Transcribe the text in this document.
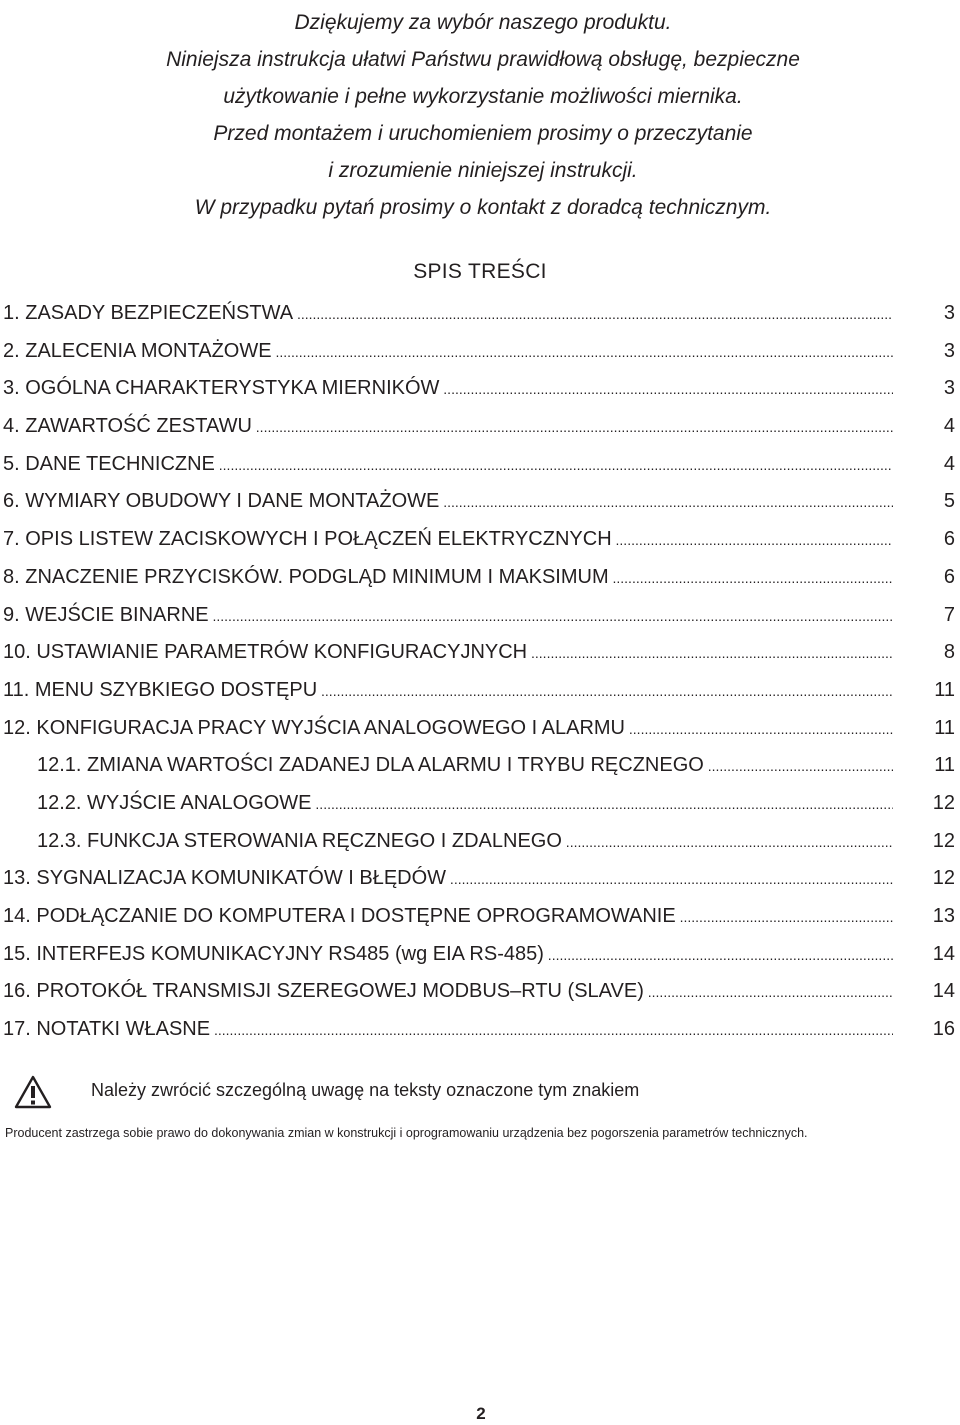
Dziękujemy za wybór naszego produktu.
Niniejsza instrukcja ułatwi Państwu prawidłową obsługę, bezpieczne
użytkowanie i pełne wykorzystanie możliwości miernika.
Przed montażem i uruchomieniem prosimy o przeczytanie
i zrozumienie niniejszej instrukcji.
W przypadku pytań prosimy o kontakt z doradcą technicznym.
SPIS TREŚCI
1. ZASADY BEZPIECZEŃSTWA .....	3
2. ZALECENIA MONTAŻOWE .....	3
3. OGÓLNA CHARAKTERYSTYKA MIERNIKÓW .....	3
4. ZAWARTOŚĆ ZESTAWU .....	4
5. DANE TECHNICZNE .....	4
6. WYMIARY OBUDOWY I DANE MONTAŻOWE .....	5
7. OPIS LISTEW ZACISKOWYCH I POŁĄCZEŃ ELEKTRYCZNYCH .....	6
8. ZNACZENIE PRZYCISKÓW. PODGLĄD MINIMUM I MAKSIMUM .....	6
9. WEJŚCIE BINARNE .....	7
10. USTAWIANIE PARAMETRÓW KONFIGURACYJNYCH .....	8
11. MENU SZYBKIEGO DOSTĘPU .....	11
12. KONFIGURACJA PRACY WYJŚCIA ANALOGOWEGO I ALARMU .....	11
12.1. ZMIANA WARTOŚCI ZADANEJ DLA ALARMU I TRYBU RĘCZNEGO .....	11
12.2. WYJŚCIE ANALOGOWE .....	12
12.3. FUNKCJA STEROWANIA RĘCZNEGO I ZDALNEGO .....	12
13. SYGNALIZACJA KOMUNIKATÓW I BŁĘDÓW .....	12
14. PODŁĄCZANIE DO KOMPUTERA I DOSTĘPNE OPROGRAMOWANIE .....	13
15. INTERFEJS KOMUNIKACYJNY RS485 (wg EIA RS-485) .....	14
16. PROTOKÓŁ TRANSMISJI SZEREGOWEJ MODBUS–RTU (SLAVE) .....	14
17. NOTATKI WŁASNE .....	16
Należy zwrócić szczególną uwagę na teksty oznaczone tym znakiem
Producent zastrzega sobie prawo do dokonywania zmian w konstrukcji i oprogramowaniu urządzenia bez pogorszenia parametrów technicznych.
2
